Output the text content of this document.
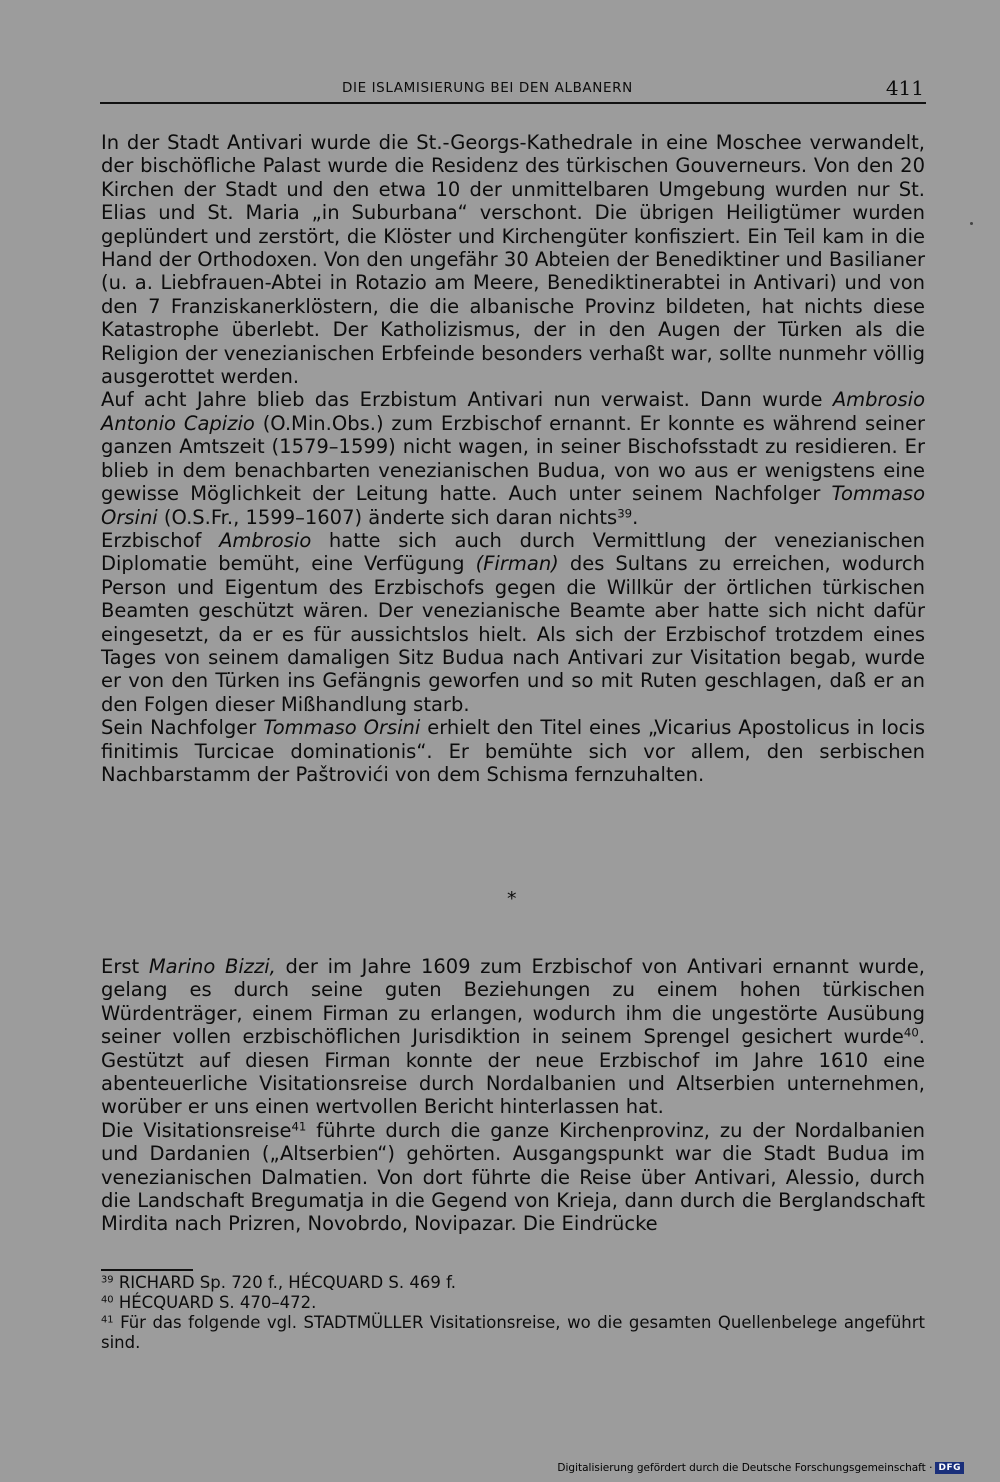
DIE ISLAMISIERUNG BEI DEN ALBANERN	411

In der Stadt Antivari wurde die St.-Georgs-Kathedrale in eine Moschee verwandelt, der bischöfliche Palast wurde die Residenz des türkischen Gouverneurs. Von den 20 Kirchen der Stadt und den etwa 10 der unmittelbaren Umgebung wurden nur St. Elias und St. Maria „in Suburbana“ verschont. Die übrigen Heiligtümer wurden geplündert und zerstört, die Klöster und Kirchengüter konfisziert. Ein Teil kam in die Hand der Orthodoxen. Von den ungefähr 30 Abteien der Benediktiner und Basilianer (u. a. Liebfrauen-Abtei in Rotazio am Meere, Benediktinerabtei in Antivari) und von den 7 Franziskanerklöstern, die die albanische Provinz bildeten, hat nichts diese Katastrophe überlebt. Der Katholizismus, der in den Augen der Türken als die Religion der venezianischen Erbfeinde besonders verhaßt war, sollte nunmehr völlig ausgerottet werden.

Auf acht Jahre blieb das Erzbistum Antivari nun verwaist. Dann wurde Ambrosio Antonio Capizio (O.Min.Obs.) zum Erzbischof ernannt. Er konnte es während seiner ganzen Amtszeit (1579–1599) nicht wagen, in seiner Bischofsstadt zu residieren. Er blieb in dem benachbarten venezianischen Budua, von wo aus er wenigstens eine gewisse Möglichkeit der Leitung hatte. Auch unter seinem Nachfolger Tommaso Orsini (O.S.Fr., 1599–1607) änderte sich daran nichts$^{39}$.

Erzbischof Ambrosio hatte sich auch durch Vermittlung der venezianischen Diplomatie bemüht, eine Verfügung (Firman) des Sultans zu erreichen, wodurch Person und Eigentum des Erzbischofs gegen die Willkür der örtlichen türkischen Beamten geschützt wären. Der venezianische Beamte aber hatte sich nicht dafür eingesetzt, da er es für aussichtslos hielt. Als sich der Erzbischof trotzdem eines Tages von seinem damaligen Sitz Budua nach Antivari zur Visitation begab, wurde er von den Türken ins Gefängnis geworfen und so mit Ruten geschlagen, daß er an den Folgen dieser Mißhandlung starb.

Sein Nachfolger Tommaso Orsini erhielt den Titel eines „Vicarius Apostolicus in locis finitimis Turcicae dominationis“. Er bemühte sich vor allem, den serbischen Nachbarstamm der Paštrovići von dem Schisma fernzuhalten.

*

Erst Marino Bizzi, der im Jahre 1609 zum Erzbischof von Antivari ernannt wurde, gelang es durch seine guten Beziehungen zu einem hohen türkischen Würdenträger, einem Firman zu erlangen, wodurch ihm die ungestörte Ausübung seiner vollen erzbischöflichen Jurisdiktion in seinem Sprengel gesichert wurde$^{40}$. Gestützt auf diesen Firman konnte der neue Erzbischof im Jahre 1610 eine abenteuerliche Visitationsreise durch Nordalbanien und Altserbien unternehmen, worüber er uns einen wertvollen Bericht hinterlassen hat.

Die Visitationsreise$^{41}$ führte durch die ganze Kirchenprovinz, zu der Nordalbanien und Dardanien („Altserbien“) gehörten. Ausgangspunkt war die Stadt Budua im venezianischen Dalmatien. Von dort führte die Reise über Antivari, Alessio, durch die Landschaft Bregumatja in die Gegend von Krieja, dann durch die Berglandschaft Mirdita nach Prizren, Novobrdo, Novipazar. Die Eindrücke

$^{39}$ RICHARD Sp. 720 f., HÉCQUARD S. 469 f.

$^{40}$ HÉCQUARD S. 470–472.

$^{41}$ Für das folgende vgl. STADTMÜLLER Visitationsreise, wo die gesamten Quellenbelege angeführt sind.

Digitalisierung gefördert durch die Deutsche Forschungsgemeinschaft · DFG
